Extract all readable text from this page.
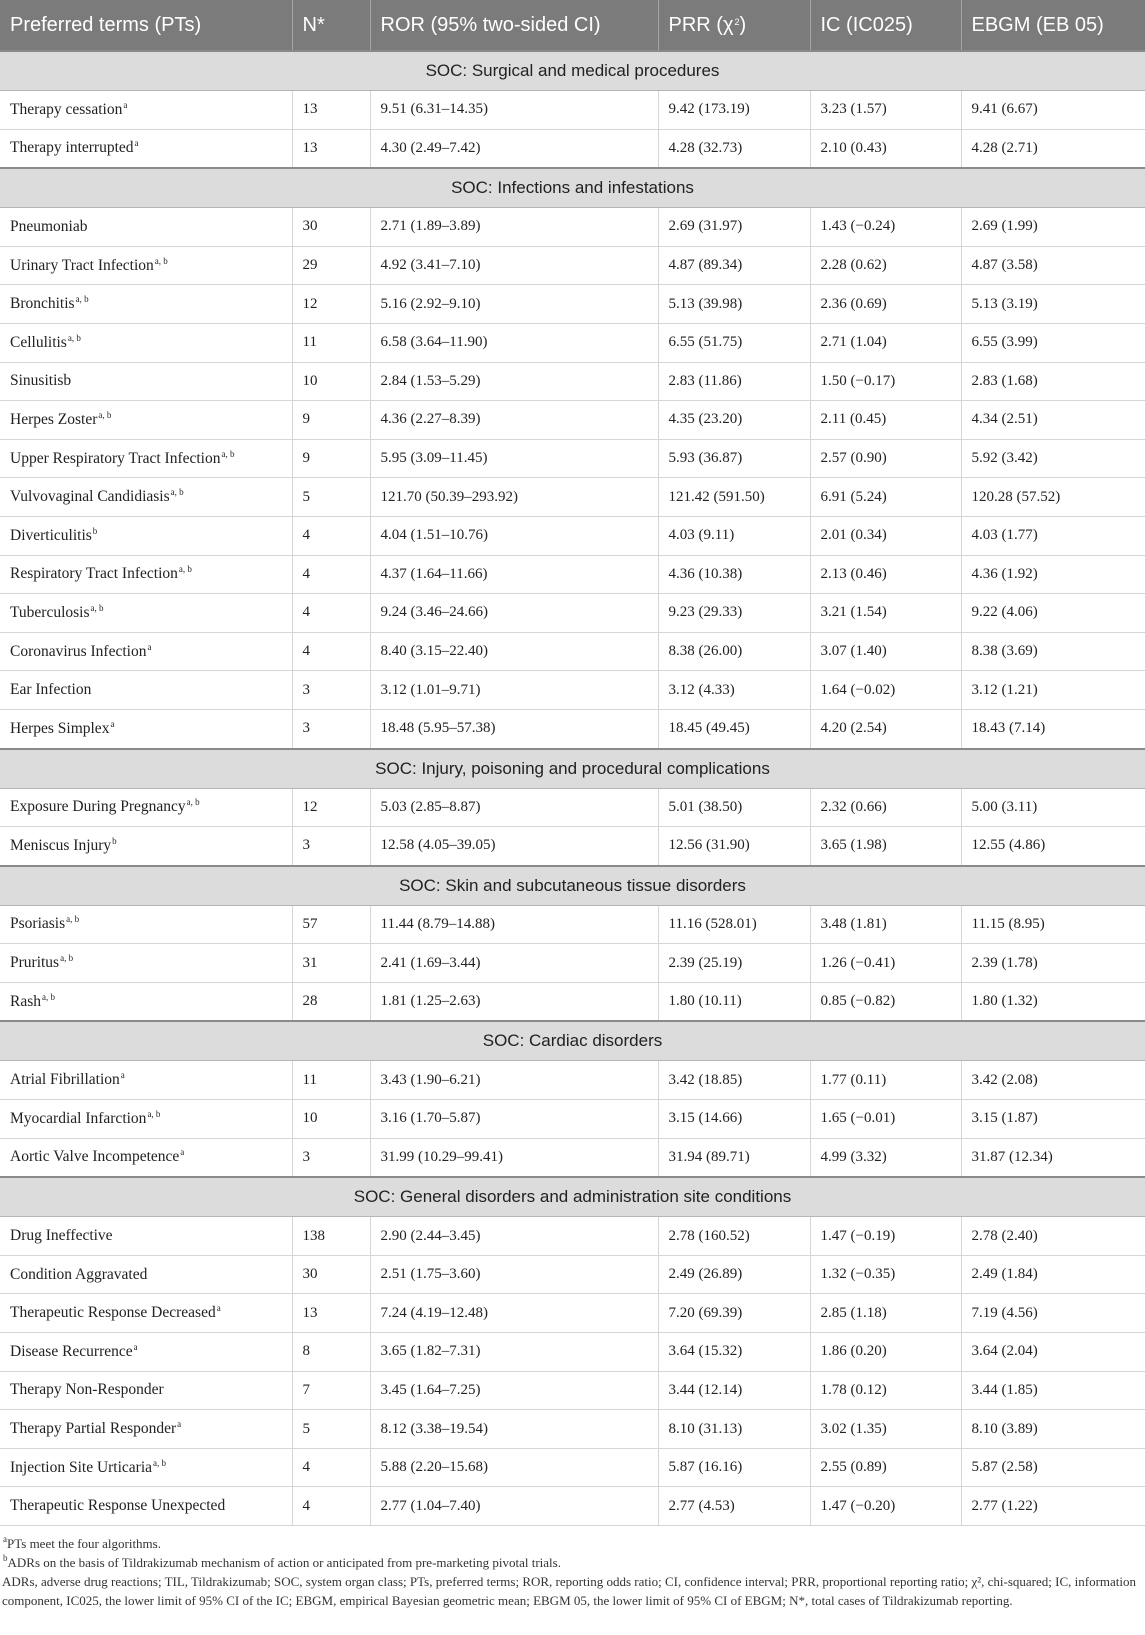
Preferred terms (PTs)	N*	ROR (95% two-sided CI)	PRR $(\chi^2)$	IC (IC025)	EBGM (EB 05)
SOC: Surgical and medical procedures					
Therapy cessation$^a$	13	9.51 (6.31–14.35)	9.42 (173.19)	3.23 (1.57)	9.41 (6.67)
Therapy interrupted$^a$	13	4.30 (2.49–7.42)	4.28 (32.73)	2.10 (0.43)	4.28 (2.71)
SOC: Infections and infestations					
Pneumoniab	30	2.71 (1.89–3.89)	2.69 (31.97)	1.43 (−0.24)	2.69 (1.99)
Urinary Tract Infection$^{a, b}$	29	4.92 (3.41–7.10)	4.87 (89.34)	2.28 (0.62)	4.87 (3.58)
Bronchitis$^{a, b}$	12	5.16 (2.92–9.10)	5.13 (39.98)	2.36 (0.69)	5.13 (3.19)
Cellulitis$^{a, b}$	11	6.58 (3.64–11.90)	6.55 (51.75)	2.71 (1.04)	6.55 (3.99)
Sinusitisb	10	2.84 (1.53–5.29)	2.83 (11.86)	1.50 (−0.17)	2.83 (1.68)
Herpes Zoster$^{a, b}$	9	4.36 (2.27–8.39)	4.35 (23.20)	2.11 (0.45)	4.34 (2.51)
Upper Respiratory Tract Infection$^{a, b}$	9	5.95 (3.09–11.45)	5.93 (36.87)	2.57 (0.90)	5.92 (3.42)
Vulvovaginal Candidiasis$^{a, b}$	5	121.70 (50.39–293.92)	121.42 (591.50)	6.91 (5.24)	120.28 (57.52)
Diverticulitis$^b$	4	4.04 (1.51–10.76)	4.03 (9.11)	2.01 (0.34)	4.03 (1.77)
Respiratory Tract Infection$^{a, b}$	4	4.37 (1.64–11.66)	4.36 (10.38)	2.13 (0.46)	4.36 (1.92)
Tuberculosis$^{a, b}$	4	9.24 (3.46–24.66)	9.23 (29.33)	3.21 (1.54)	9.22 (4.06)
Coronavirus Infection$^a$	4	8.40 (3.15–22.40)	8.38 (26.00)	3.07 (1.40)	8.38 (3.69)
Ear Infection	3	3.12 (1.01–9.71)	3.12 (4.33)	1.64 (−0.02)	3.12 (1.21)
Herpes Simplex$^a$	3	18.48 (5.95–57.38)	18.45 (49.45)	4.20 (2.54)	18.43 (7.14)
SOC: Injury, poisoning and procedural complications					
Exposure During Pregnancy$^{a, b}$	12	5.03 (2.85–8.87)	5.01 (38.50)	2.32 (0.66)	5.00 (3.11)
Meniscus Injury$^b$	3	12.58 (4.05–39.05)	12.56 (31.90)	3.65 (1.98)	12.55 (4.86)
SOC: Skin and subcutaneous tissue disorders					
Psoriasis$^{a, b}$	57	11.44 (8.79–14.88)	11.16 (528.01)	3.48 (1.81)	11.15 (8.95)
Pruritus$^{a, b}$	31	2.41 (1.69–3.44)	2.39 (25.19)	1.26 (−0.41)	2.39 (1.78)
Rash$^{a, b}$	28	1.81 (1.25–2.63)	1.80 (10.11)	0.85 (−0.82)	1.80 (1.32)
SOC: Cardiac disorders					
Atrial Fibrillation$^a$	11	3.43 (1.90–6.21)	3.42 (18.85)	1.77 (0.11)	3.42 (2.08)
Myocardial Infarction$^{a, b}$	10	3.16 (1.70–5.87)	3.15 (14.66)	1.65 (−0.01)	3.15 (1.87)
Aortic Valve Incompetence$^a$	3	31.99 (10.29–99.41)	31.94 (89.71)	4.99 (3.32)	31.87 (12.34)
SOC: General disorders and administration site conditions					
Drug Ineffective	138	2.90 (2.44–3.45)	2.78 (160.52)	1.47 (−0.19)	2.78 (2.40)
Condition Aggravated	30	2.51 (1.75–3.60)	2.49 (26.89)	1.32 (−0.35)	2.49 (1.84)
Therapeutic Response Decreased$^a$	13	7.24 (4.19–12.48)	7.20 (69.39)	2.85 (1.18)	7.19 (4.56)
Disease Recurrence$^a$	8	3.65 (1.82–7.31)	3.64 (15.32)	1.86 (0.20)	3.64 (2.04)
Therapy Non-Responder	7	3.45 (1.64–7.25)	3.44 (12.14)	1.78 (0.12)	3.44 (1.85)
Therapy Partial Responder$^a$	5	8.12 (3.38–19.54)	8.10 (31.13)	3.02 (1.35)	8.10 (3.89)
Injection Site Urticaria$^{a, b}$	4	5.88 (2.20–15.68)	5.87 (16.16)	2.55 (0.89)	5.87 (2.58)
Therapeutic Response Unexpected	4	2.77 (1.04–7.40)	2.77 (4.53)	1.47 (−0.20)	2.77 (1.22)

$^a$PTs meet the four algorithms.

$^b$ADRs on the basis of Tildrakizumab mechanism of action or anticipated from pre-marketing pivotal trials.

ADRs, adverse drug reactions; TIL, Tildrakizumab; SOC, system organ class; PTs, preferred terms; ROR, reporting odds ratio; CI, confidence interval; PRR, proportional reporting ratio; χ², chi-squared; IC, information component, IC025, the lower limit of 95% CI of the IC; EBGM, empirical Bayesian geometric mean; EBGM 05, the lower limit of 95% CI of EBGM; N*, total cases of Tildrakizumab reporting.
